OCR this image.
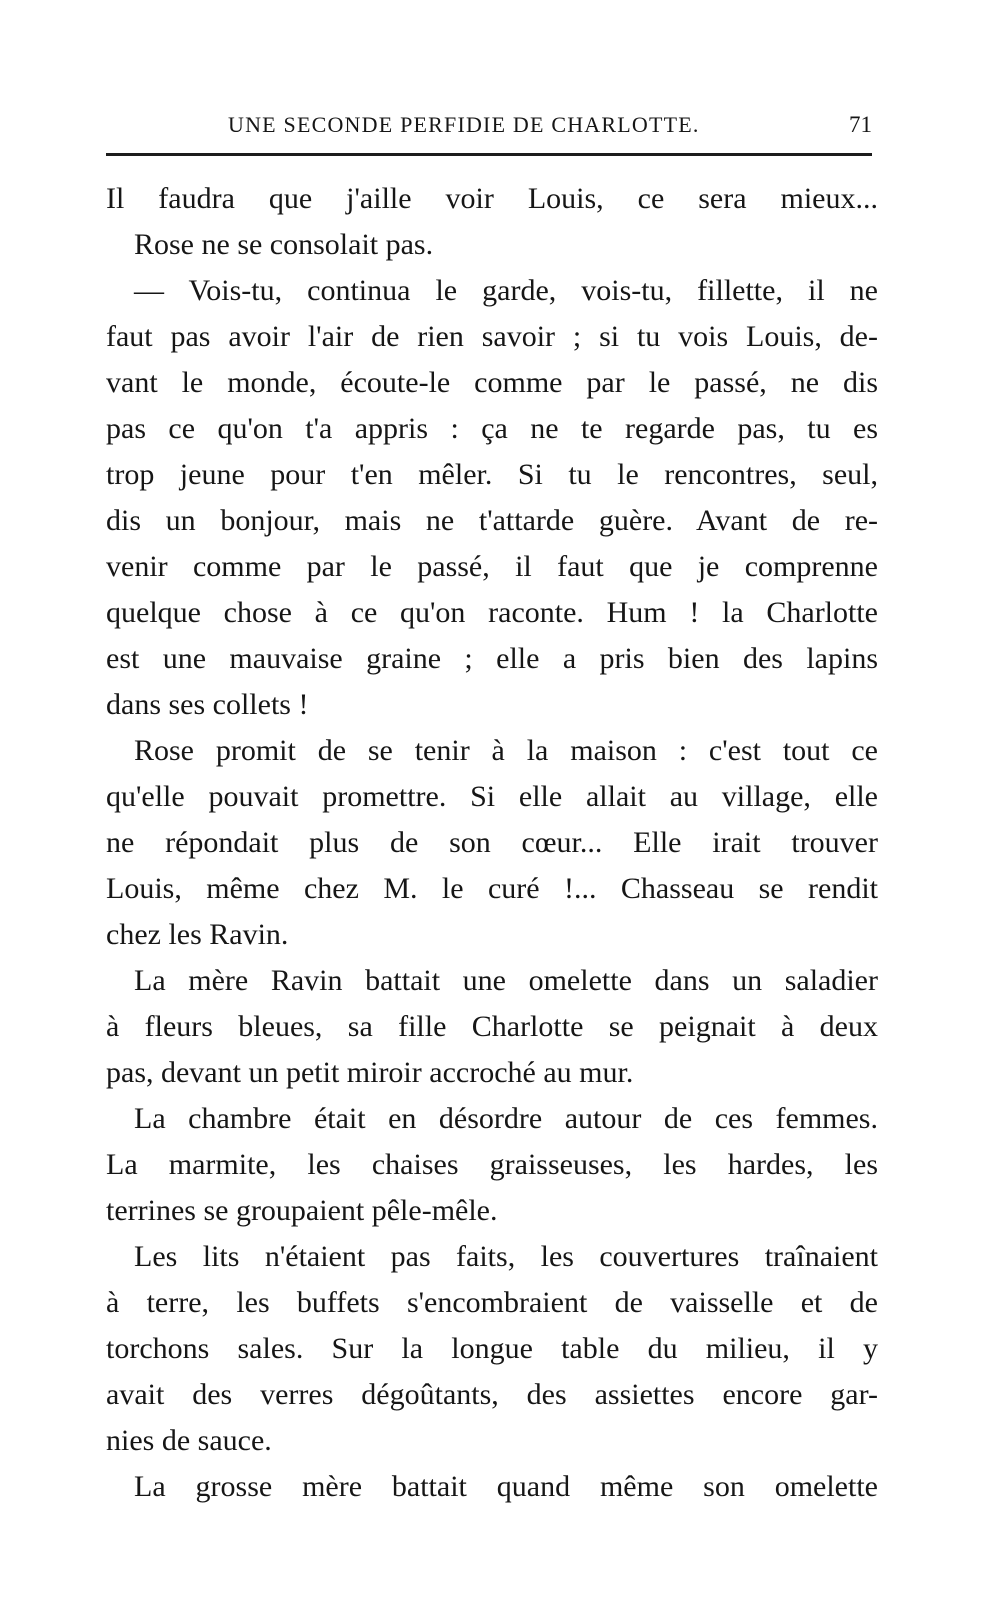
UNE SECONDE PERFIDIE DE CHARLOTTE.	71
Il faudra que j'aille voir Louis, ce sera mieux...
Rose ne se consolait pas.
— Vois-tu, continua le garde, vois-tu, fillette, il ne
faut pas avoir l'air de rien savoir ; si tu vois Louis, de-
vant le monde, écoute-le comme par le passé, ne dis
pas ce qu'on t'a appris : ça ne te regarde pas, tu es
trop jeune pour t'en mêler. Si tu le rencontres, seul,
dis un bonjour, mais ne t'attarde guère. Avant de re-
venir comme par le passé, il faut que je comprenne
quelque chose à ce qu'on raconte. Hum ! la Charlotte
est une mauvaise graine ; elle a pris bien des lapins
dans ses collets !
Rose promit de se tenir à la maison : c'est tout ce
qu'elle pouvait promettre. Si elle allait au village, elle
ne répondait plus de son cœur... Elle irait trouver
Louis, même chez M. le curé !... Chasseau se rendit
chez les Ravin.
La mère Ravin battait une omelette dans un saladier
à fleurs bleues, sa fille Charlotte se peignait à deux
pas, devant un petit miroir accroché au mur.
La chambre était en désordre autour de ces femmes.
La marmite, les chaises graisseuses, les hardes, les
terrines se groupaient pêle-mêle.
Les lits n'étaient pas faits, les couvertures traînaient
à terre, les buffets s'encombraient de vaisselle et de
torchons sales. Sur la longue table du milieu, il y
avait des verres dégoûtants, des assiettes encore gar-
nies de sauce.
La grosse mère battait quand même son omelette
